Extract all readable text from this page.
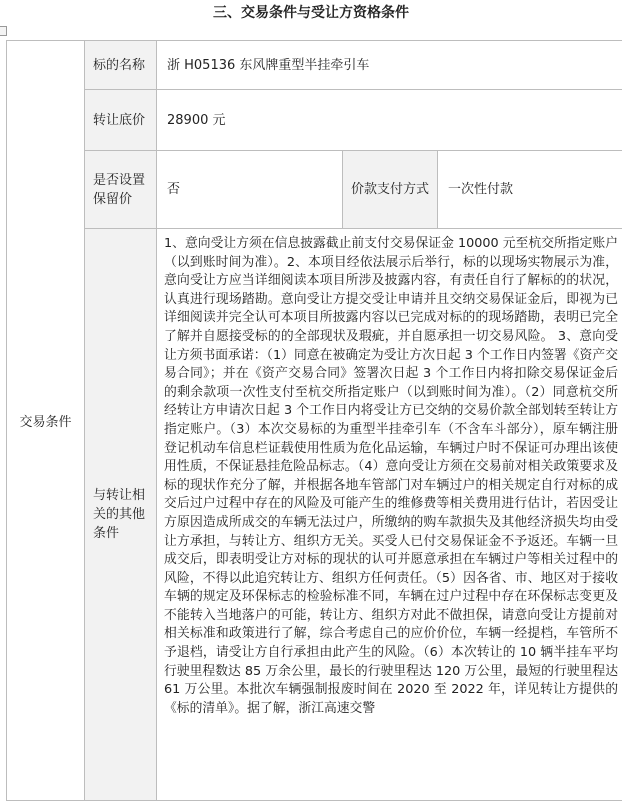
三、交易条件与受让方资格条件
交易条件	标的名称	浙 H05136 东风牌重型半挂牵引车		
	转让底价	28900 元		
	是否设置保留价	否	价款支付方式	一次性付款
	与转让相关的其他条件	1、意向受让方须在信息披露截止前支付交易保证金 10000 元至杭交所指定账户（以到账时间为准）。2、本项目经依法展示后举行，标的以现场实物展示为准，意向受让方应当详细阅读本项目所涉及披露内容，有责任自行了解标的的状况，认真进行现场踏勘。意向受让方提交受让申请并且交纳交易保证金后，即视为已详细阅读并完全认可本项目所披露内容以已完成对标的的现场踏勘，表明已完全了解并自愿接受标的的全部现状及瑕疵，并自愿承担一切交易风险。 3、意向受让方须书面承诺：（1）同意在被确定为受让方次日起 3 个工作日内签署《资产交易合同》；并在《资产交易合同》签署次日起 3 个工作日内将扣除交易保证金后的剩余款项一次性支付至杭交所指定账户（以到账时间为准）。（2）同意杭交所经转让方申请次日起 3 个工作日内将受让方已交纳的交易价款全部划转至转让方指定账户。（3）本次交易标的为重型半挂牵引车（不含车斗部分），原车辆注册登记机动车信息栏证载使用性质为危化品运输，车辆过户时不保证可办理出该使用性质，不保证悬挂危险品标志。（4）意向受让方须在交易前对相关政策要求及标的现状作充分了解，并根据各地车管部门对车辆过户的相关规定自行对标的成交后过户过程中存在的风险及可能产生的维修费等相关费用进行估计，若因受让方原因造成所成交的车辆无法过户，所缴纳的购车款损失及其他经济损失均由受让方承担，与转让方、组织方无关。买受人已付交易保证金不予返还。车辆一旦成交后，即表明受让方对标的现状的认可并愿意承担在车辆过户等相关过程中的风险，不得以此追究转让方、组织方任何责任。（5）因各省、市、地区对于接收车辆的规定及环保标志的检验标准不同，车辆在过户过程中存在环保标志变更及不能转入当地落户的可能，转让方、组织方对此不做担保，请意向受让方提前对相关标准和政策进行了解，综合考虑自己的应价价位，车辆一经提档，车管所不予退档，请受让方自行承担由此产生的风险。（6）本次转让的 10 辆半挂车平均行驶里程数达 85 万余公里，最长的行驶里程达 120 万公里，最短的行驶里程达 61 万公里。本批次车辆强制报废时间在 2020 至 2022 年，详见转让方提供的《标的清单》。据了解，浙江高速交警		
